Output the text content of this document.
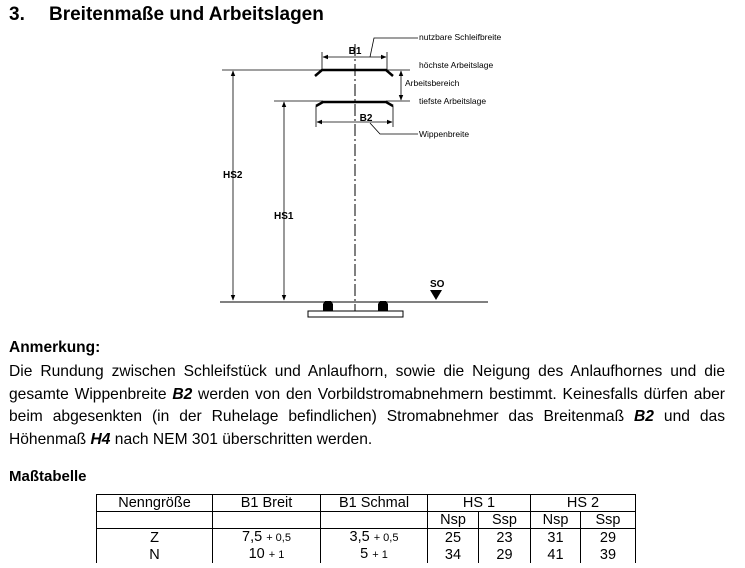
3. Breitenmaße und Arbeitslagen
B1
B2
HS2
HS1
SO
nutzbare Schleifbreite
höchste Arbeitslage
Arbeitsbereich
tiefste Arbeitslage
Wippenbreite

Anmerkung:

Die Rundung zwischen Schleifstück und Anlaufhorn, sowie die Neigung des Anlaufhornes und die gesamte Wippenbreite B2 werden von den Vorbildstromabnehmern bestimmt. Keinesfalls dürfen aber beim abgesenkten (in der Ruhelage befindlichen) Stromabnehmer das Breitenmaß B2 und das Höhenmaß H4 nach NEM 301 überschritten werden.

Maßtabelle

Nenngröße	B1 Breit	B1 Schmal	HS 1		HS 2	
			Nsp	Ssp	Nsp	Ssp
Z	7,5 + 0,5	3,5 + 0,5	25	23	31	29
N	10 + 1	5 + 1	34	29	41	39
